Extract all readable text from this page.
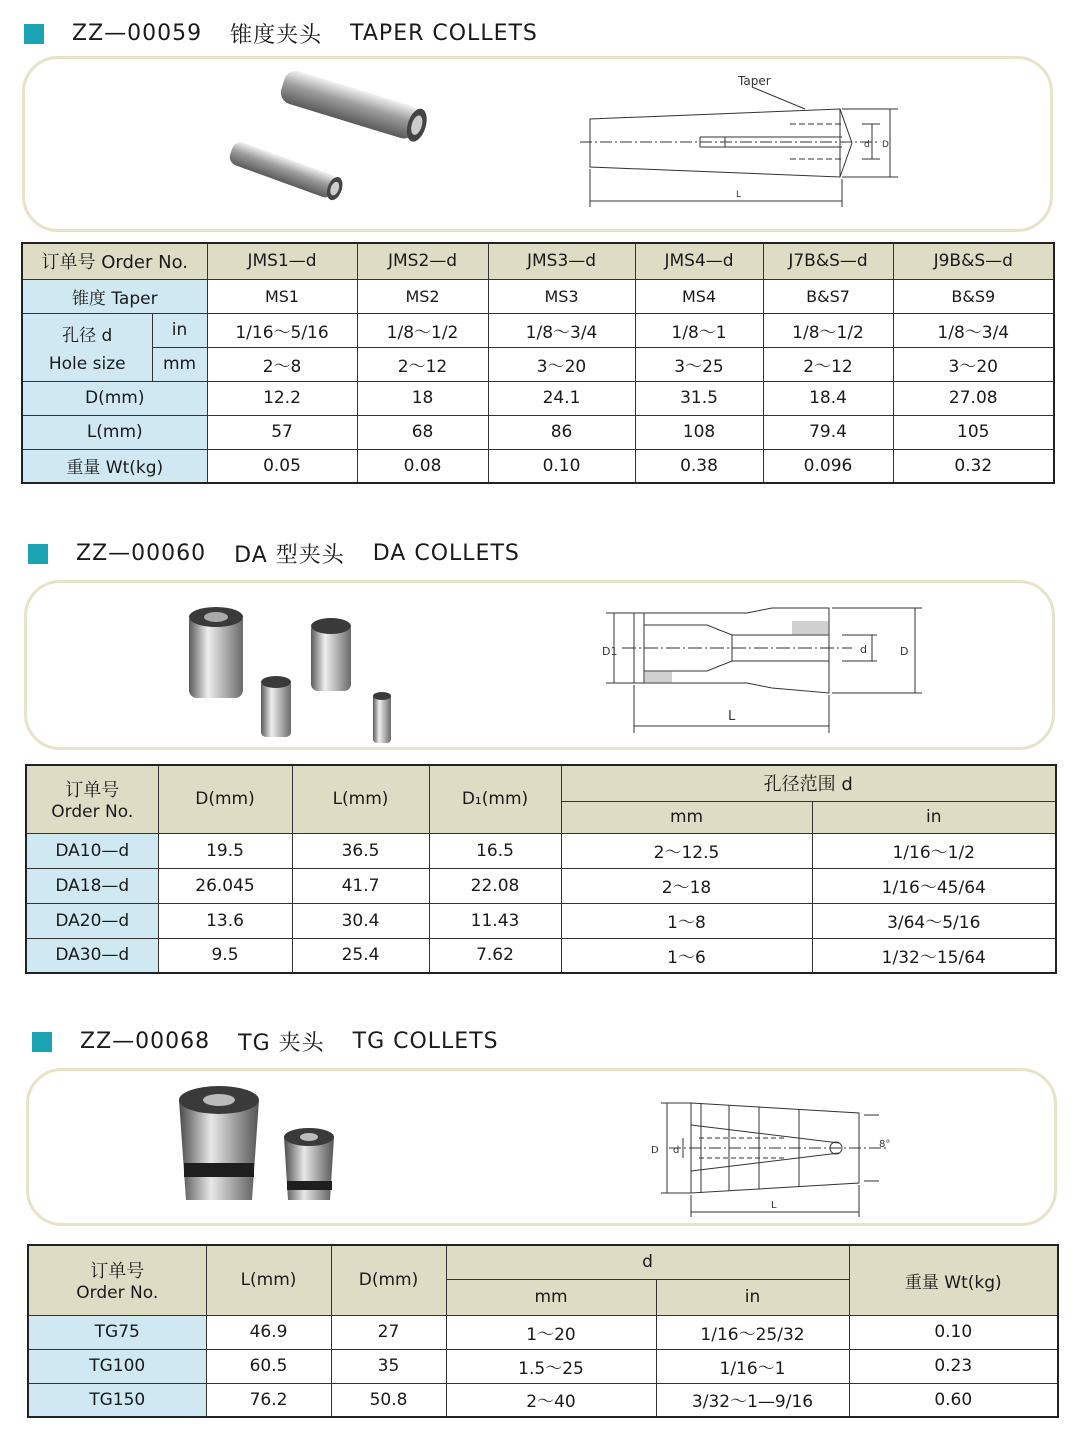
ZZ—00059 锥度夹头 TAPER COLLETS
Taper
L
d D
订单号 Order No.		JMS1—d	JMS2—d	JMS3—d	JMS4—d	J7B&S—d	J9B&S—d
锥度 Taper		MS1	MS2	MS3	MS4	B&S7	B&S9

孔径 d
Hole size	in	1/16～5/16	1/8～1/2	1/8～3/4	1/8～1	1/8～1/2	1/8～3/4
	mm	2～8	2～12	3～20	3～25	2～12	3～20
D(mm)		12.2	18	24.1	31.5	18.4	27.08
L(mm)		57	68	86	108	79.4	105
重量 Wt(kg)		0.05	0.08	0.10	0.38	0.096	0.32
ZZ—00060 DA 型夹头 DA COLLETS
D1	d	D
L
订单号
Order No.	D(mm)	L(mm)	D₁(mm)	孔径范围 d	
				mm	in
DA10—d	19.5	36.5	16.5	2～12.5	1/16～1/2
DA18—d	26.045	41.7	22.08	2～18	1/16～45/64
DA20—d	13.6	30.4	11.43	1～8	3/64～5/16
DA30—d	9.5	25.4	7.62	1～6	1/32～15/64
ZZ—00068 TG 夹头 TG COLLETS
D d
8°
L
订单号
Order No.	L(mm)	D(mm)	d		重量 Wt(kg)
			mm	in	
TG75	46.9	27	1～20	1/16～25/32	0.10
TG100	60.5	35	1.5～25	1/16～1	0.23
TG150	76.2	50.8	2～40	3/32～1—9/16	0.60
